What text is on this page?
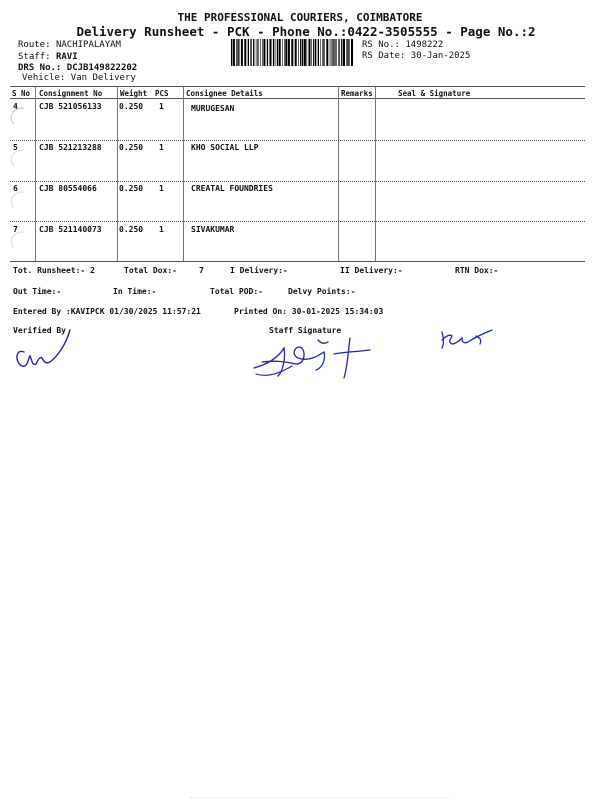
THE PROFESSIONAL COURIERS, COIMBATORE
Delivery Runsheet - PCK - Phone No.:0422-3505555 - Page No.:2
Route: NACHIPALAYAM
Staff: RAVI
DRS No.: DCJB149822202
Vehicle: Van Delivery
RS No.: 1498222
RS Date: 30-Jan-2025
S No Consignment No Weight PCS Consignee Details	Remarks	Seal & Signature
4	CJB 521056133 0.250 1	MURUGESAN
5	CJB 521213288 0.250 1	KHO SOCIAL LLP
6	CJB 80554066	0.250 1	CREATAL FOUNDRIES
7	CJB 521140073 0.250 1	SIVAKUMAR
Tot. Runsheet:- 2	Total Dox:-	7	I Delivery:-	II Delivery:-	RTN Dox:-
Out Time:-	In Time:-	Total POD:-	Delvy Points:-
Entered By :KAVIPCK 01/30/2025 11:57:21	Printed On: 30-01-2025 15:34:03
Verified By	Staff Signature
